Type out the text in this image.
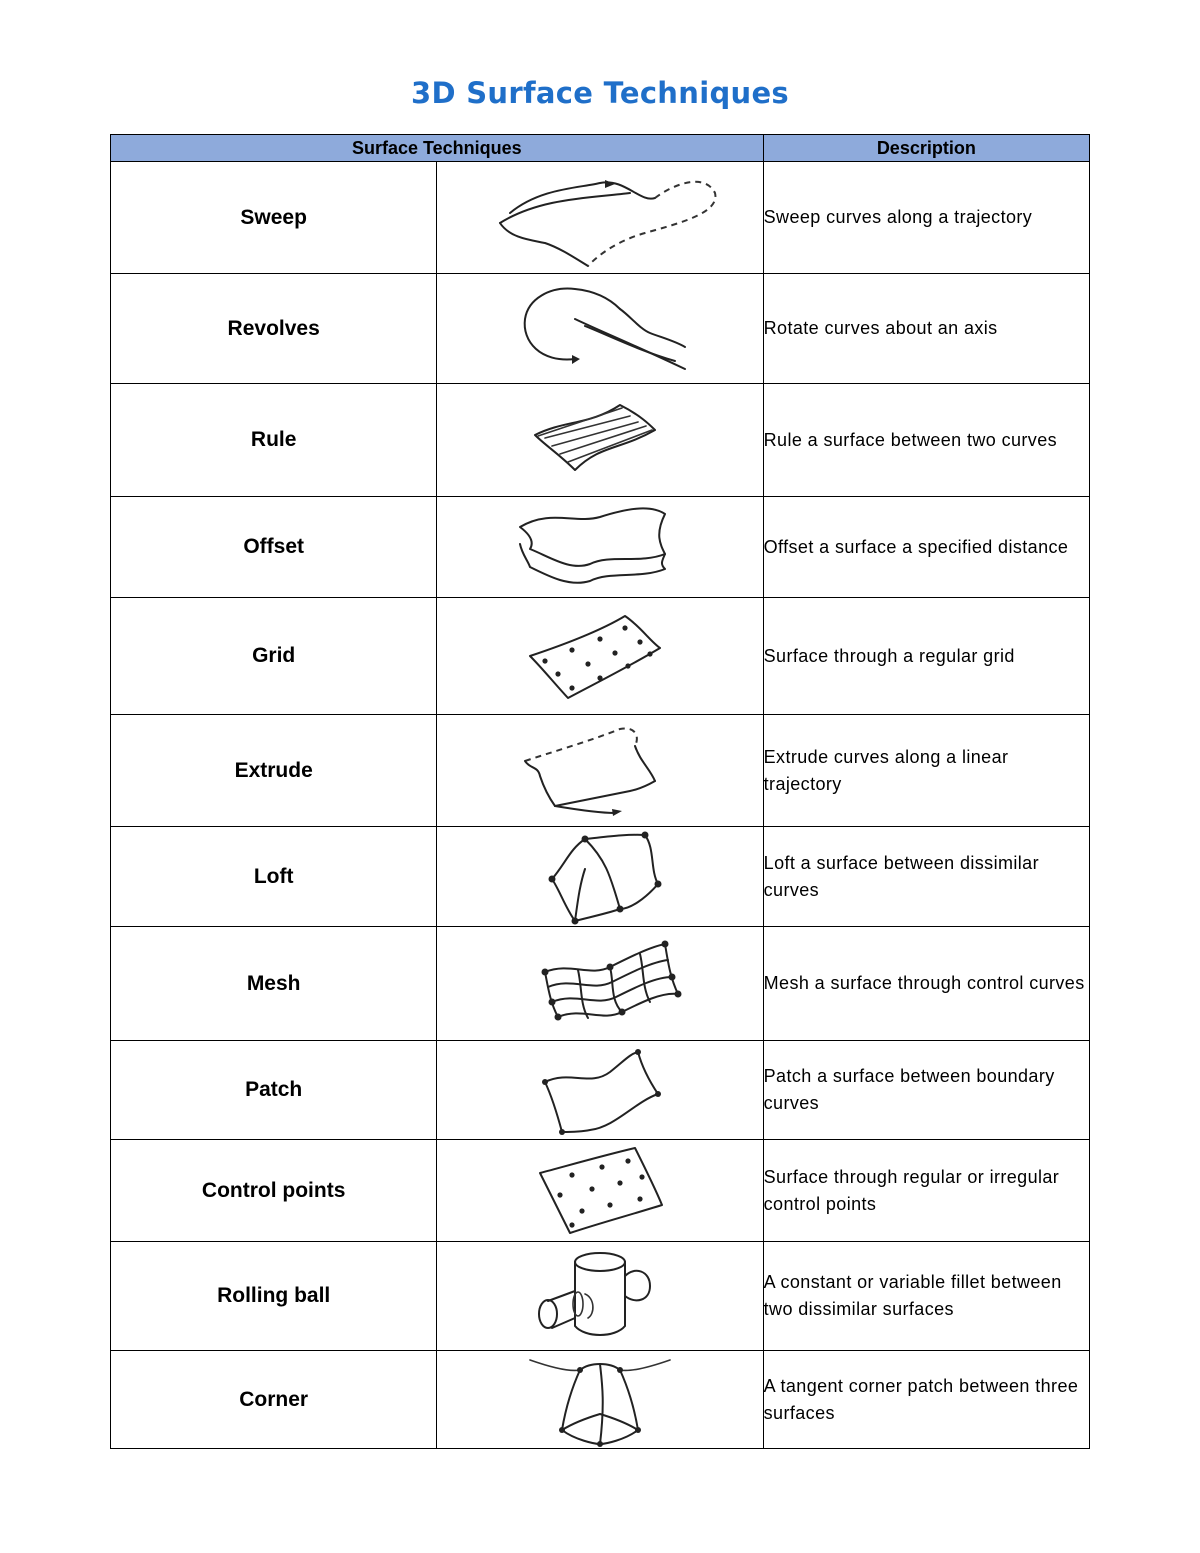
3D Surface Techniques
Surface Techniques		Description
Sweep		Sweep curves along a trajectory
Revolves		Rotate curves about an axis
Rule		Rule a surface between two curves
Offset		Offset a surface a specified distance
Grid		Surface through a regular grid
Extrude		Extrude curves along a linear trajectory
Loft		Loft a surface between dissimilar curves
Mesh		Mesh a surface through control curves
Patch		Patch a surface between boundary curves
Control points		Surface through regular or irregular control points
Rolling ball		A constant or variable fillet between two dissimilar surfaces
Corner		A tangent corner patch between three surfaces
